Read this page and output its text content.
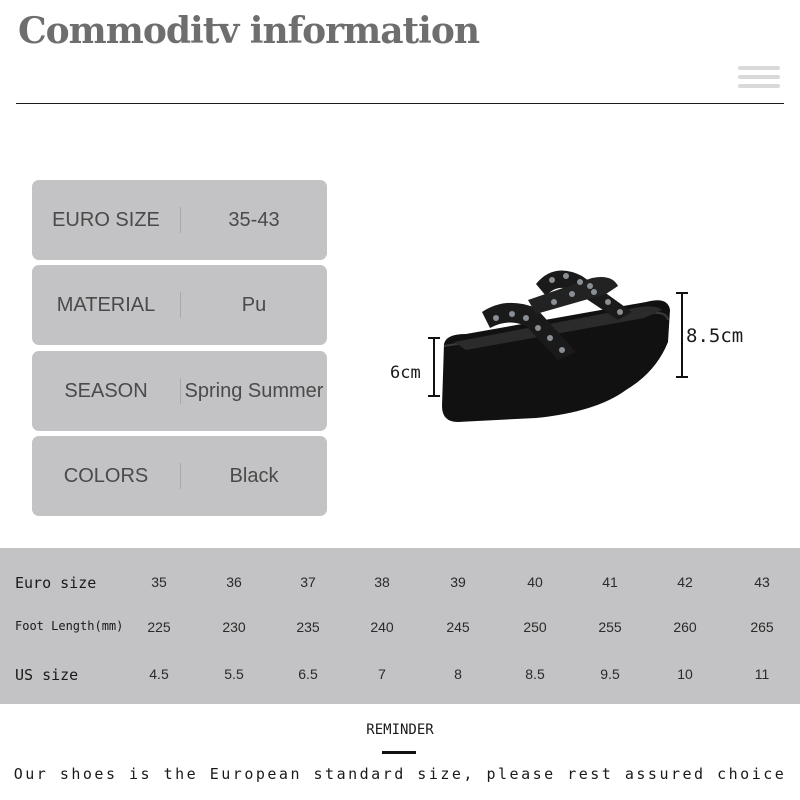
Commoditv information
EURO SIZE	35-43
MATERIAL	Pu
SEASON	Spring Summer
COLORS	Black
8.5cm
6cm
Euro size	35	36	37	38	39	40	41	42	43
Foot Length(mm)	225	230	235	240	245	250	255	260	265
US size	4.5	5.5	6.5	7	8	8.5	9.5	10	11
REMINDER
Our shoes is the European standard size, please rest assured choice
